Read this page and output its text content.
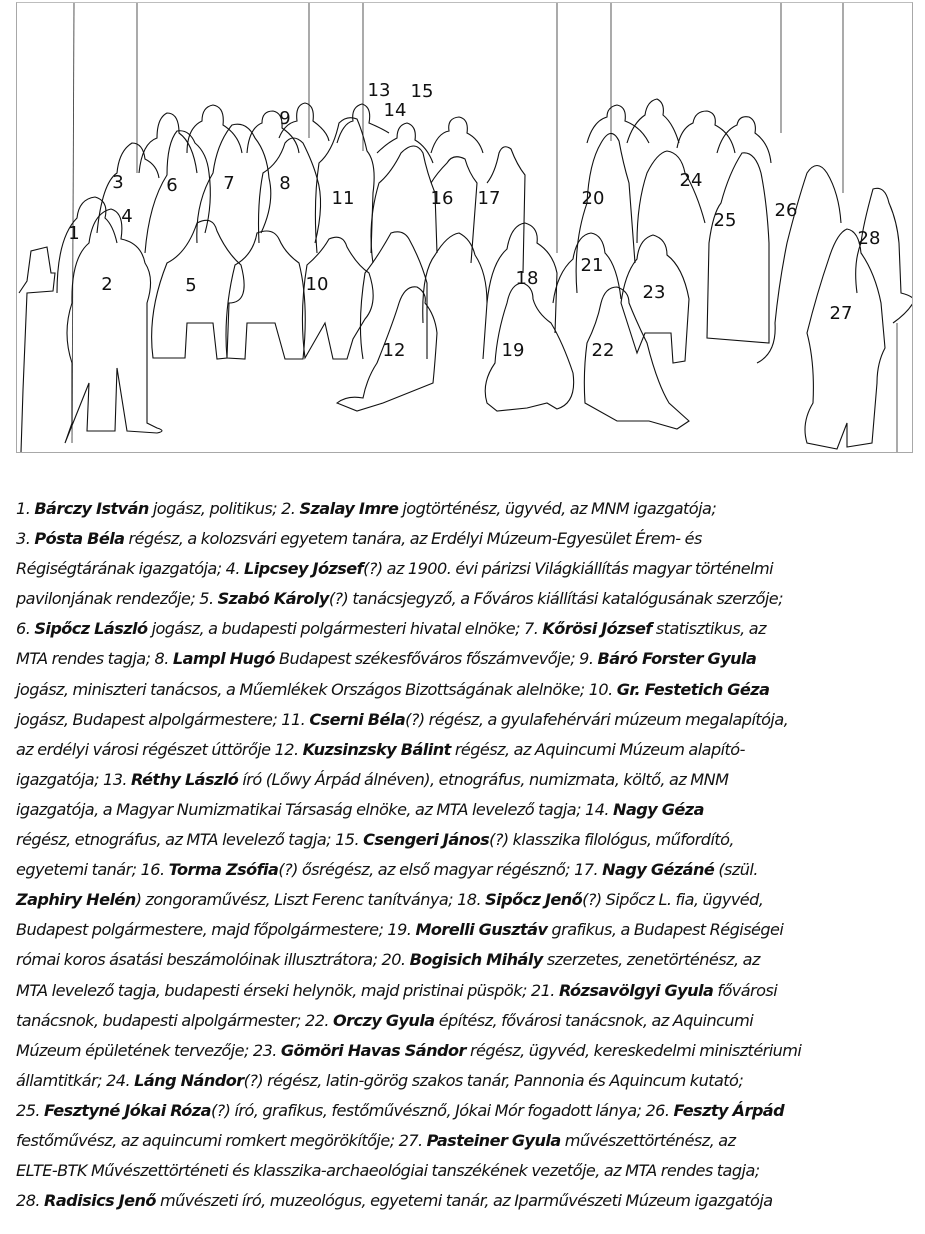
1
2
3
4
5
6	7 8
9
10
11
12
13
14
15
16 17
18
19
20
21
22
23
24
25 26
27
28
1. Bárczy István jogász, politikus; 2. Szalay Imre jogtörténész, ügyvéd, az MNM igazgatója;
3. Pósta Béla régész, a kolozsvári egyetem tanára, az Erdélyi Múzeum-Egyesület Érem- és
Régiségtárának igazgatója; 4. Lipcsey József(?) az 1900. évi párizsi Világkiállítás magyar történelmi
pavilonjának rendezője; 5. Szabó Károly(?) tanácsjegyző, a Főváros kiállítási katalógusának szerzője;
6. Sipőcz László jogász, a budapesti polgármesteri hivatal elnöke; 7. Kőrösi József statisztikus, az
MTA rendes tagja; 8. Lampl Hugó Budapest székesfőváros főszámvevője; 9. Báró Forster Gyula
jogász, miniszteri tanácsos, a Műemlékek Országos Bizottságának alelnöke; 10. Gr. Festetich Géza
jogász, Budapest alpolgármestere; 11. Cserni Béla(?) régész, a gyulafehérvári múzeum megalapítója,
az erdélyi városi régészet úttörője 12. Kuzsinzsky Bálint régész, az Aquincumi Múzeum alapító-
igazgatója; 13. Réthy László író (Lőwy Árpád álnéven), etnográfus, numizmata, költő, az MNM
igazgatója, a Magyar Numizmatikai Társaság elnöke, az MTA levelező tagja; 14. Nagy Géza
régész, etnográfus, az MTA levelező tagja; 15. Csengeri János(?) klasszika filológus, műfordító,
egyetemi tanár; 16. Torma Zsófia(?) ősrégész, az első magyar régésznő; 17. Nagy Gézáné (szül.
Zaphiry Helén) zongoraművész, Liszt Ferenc tanítványa; 18. Sipőcz Jenő(?) Sipőcz L. fia, ügyvéd,
Budapest polgármestere, majd főpolgármestere; 19. Morelli Gusztáv grafikus, a Budapest Régiségei
római koros ásatási beszámolóinak illusztrátora; 20. Bogisich Mihály szerzetes, zenetörténész, az
MTA levelező tagja, budapesti érseki helynök, majd pristinai püspök; 21. Rózsavölgyi Gyula fővárosi
tanácsnok, budapesti alpolgármester; 22. Orczy Gyula építész, fővárosi tanácsnok, az Aquincumi
Múzeum épületének tervezője; 23. Gömöri Havas Sándor régész, ügyvéd, kereskedelmi minisztériumi
államtitkár; 24. Láng Nándor(?) régész, latin-görög szakos tanár, Pannonia és Aquincum kutató;
25. Fesztyné Jókai Róza(?) író, grafikus, festőművésznő, Jókai Mór fogadott lánya; 26. Feszty Árpád
festőművész, az aquincumi romkert megörökítője; 27. Pasteiner Gyula művészettörténész, az
ELTE-BTK Művészettörténeti és klasszika-archaeológiai tanszékének vezetője, az MTA rendes tagja;
28. Radisics Jenő művészeti író, muzeológus, egyetemi tanár, az Iparművészeti Múzeum igazgatója
